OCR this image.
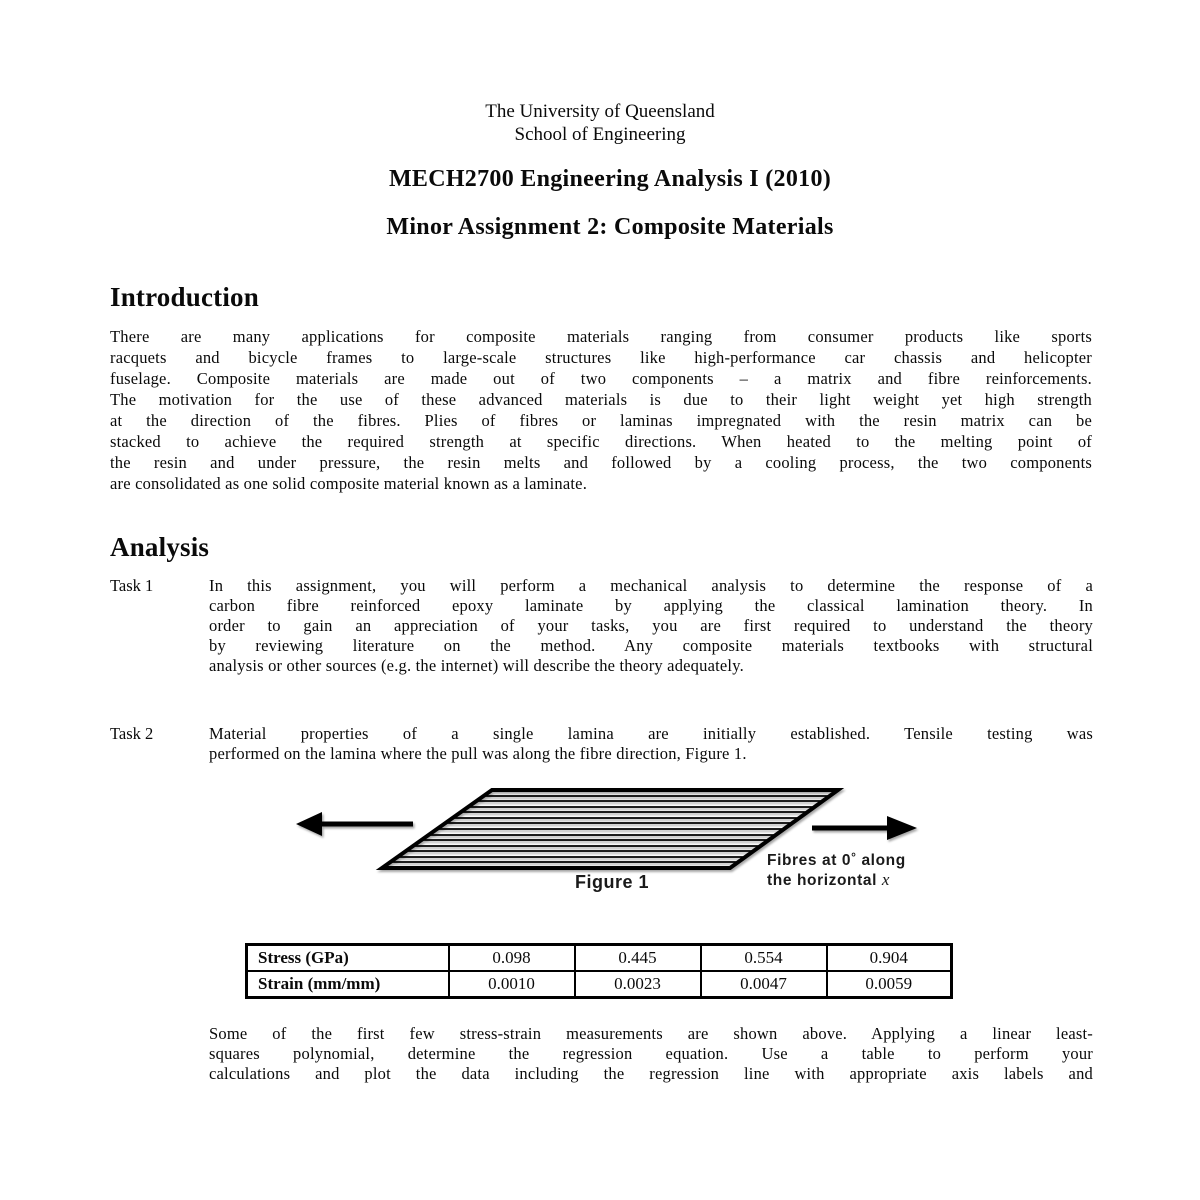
The University of Queensland
School of Engineering
MECH2700 Engineering Analysis I (2010)
Minor Assignment 2: Composite Materials
Introduction
There are many applications for composite materials ranging from consumer products like sports
racquets and bicycle frames to large-scale structures like high-performance car chassis and helicopter
fuselage. Composite materials are made out of two components – a matrix and fibre reinforcements.
The motivation for the use of these advanced materials is due to their light weight yet high strength
at the direction of the fibres. Plies of fibres or laminas impregnated with the resin matrix can be
stacked to achieve the required strength at specific directions. When heated to the melting point of
the resin and under pressure, the resin melts and followed by a cooling process, the two components
are consolidated as one solid composite material known as a laminate.
Analysis
Task 1	In this assignment, you will perform a mechanical analysis to determine the response of a
carbon fibre reinforced epoxy laminate by applying the classical lamination theory. In
order to gain an appreciation of your tasks, you are first required to understand the theory
by reviewing literature on the method. Any composite materials textbooks with structural
analysis or other sources (e.g. the internet) will describe the theory adequately.
Task 2	Material properties of a single lamina are initially established. Tensile testing was
performed on the lamina where the pull was along the fibre direction, Figure 1.
Figure 1
Fibres at 0° along
the horizontal x
Stress (GPa)	0.098	0.445	0.554	0.904
Strain (mm/mm)	0.0010	0.0023	0.0047	0.0059
Some of the first few stress-strain measurements are shown above. Applying a linear least-
squares polynomial, determine the regression equation. Use a table to perform your
calculations and plot the data including the regression line with appropriate axis labels and
